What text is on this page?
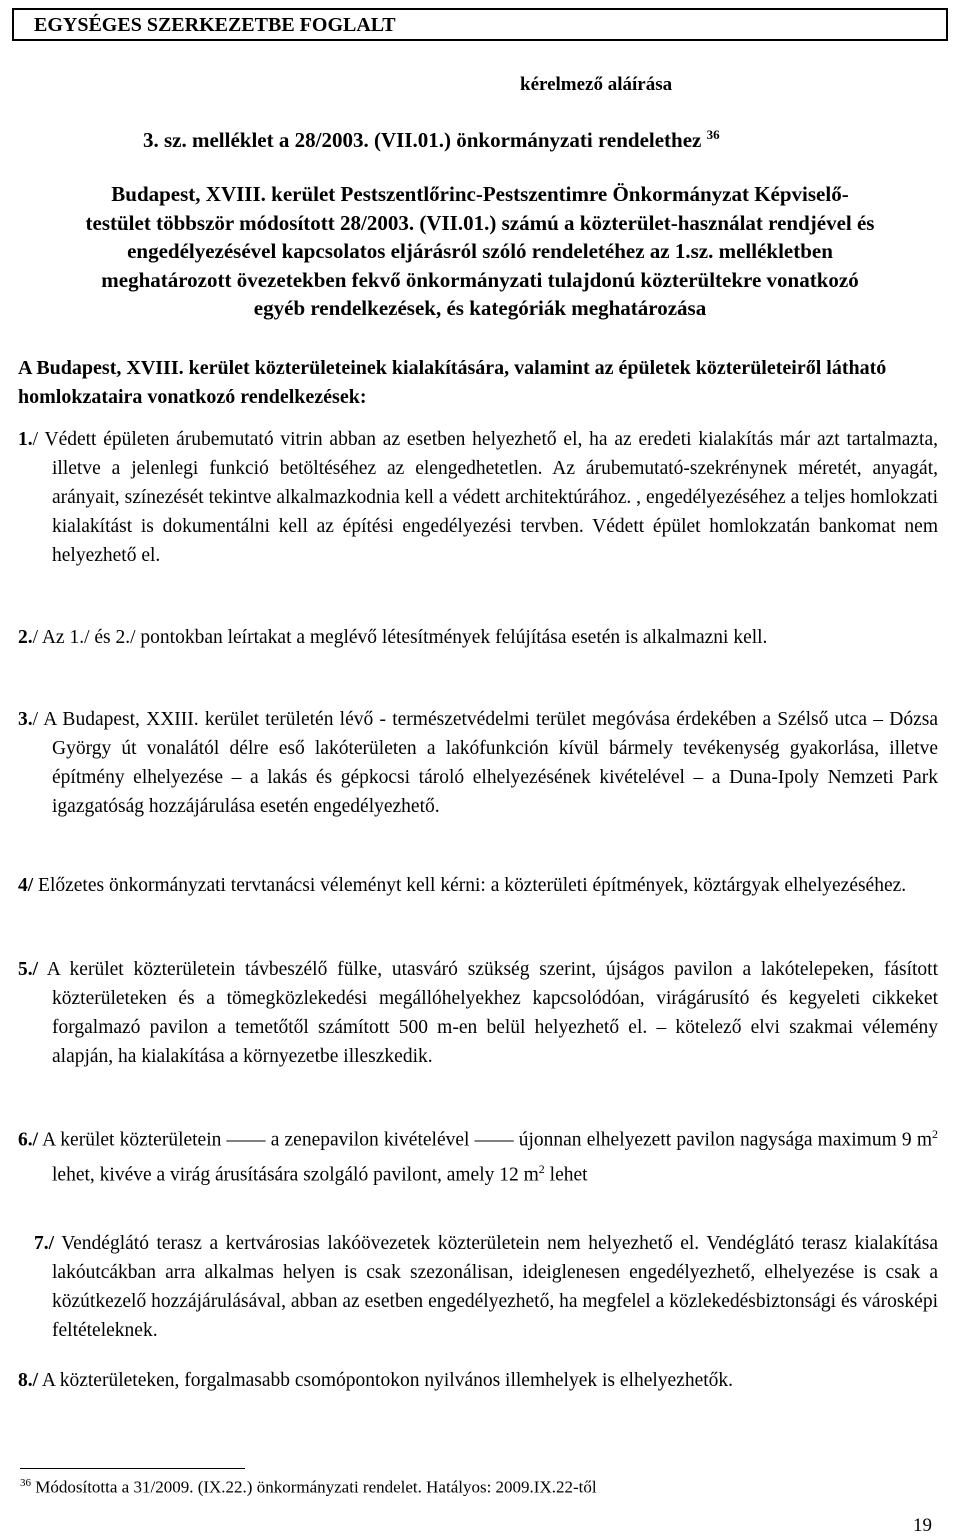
EGYSÉGES SZERKEZETBE FOGLALT
kérelmező aláírása
3. sz. melléklet a 28/2003. (VII.01.) önkormányzati rendelethez $^{36}$
Budapest, XVIII. kerület Pestszentlőrinc-Pestszentimre Önkormányzat Képviselő-testület többször módosított 28/2003. (VII.01.) számú a közterület-használat rendjével és engedélyezésével kapcsolatos eljárásról szóló rendeletéhez az 1.sz. mellékletben meghatározott övezetekben fekvő önkormányzati tulajdonú közterültekre vonatkozó egyéb rendelkezések, és kategóriák meghatározása
A Budapest, XVIII. kerület közterületeinek kialakítására, valamint az épületek közterületeiről látható homlokzataira vonatkozó rendelkezések:
1./ Védett épületen árubemutató vitrin abban az esetben helyezhető el, ha az eredeti kialakítás már azt tartalmazta, illetve a jelenlegi funkció betöltéséhez az elengedhetetlen. Az árubemutató-szekrénynek méretét, anyagát, arányait, színezését tekintve alkalmazkodnia kell a védett architektúrához. , engedélyezéséhez a teljes homlokzati kialakítást is dokumentálni kell az építési engedélyezési tervben. Védett épület homlokzatán bankomat nem helyezhető el.
2./ Az 1./ és 2./ pontokban leírtakat a meglévő létesítmények felújítása esetén is alkalmazni kell.
3./ A Budapest, XXIII. kerület területén lévő - természetvédelmi terület megóvása érdekében a Szélső utca – Dózsa György út vonalától délre eső lakóterületen a lakófunkción kívül bármely tevékenység gyakorlása, illetve építmény elhelyezése – a lakás és gépkocsi tároló elhelyezésének kivételével – a Duna-Ipoly Nemzeti Park igazgatóság hozzájárulása esetén engedélyezhető.
4/ Előzetes önkormányzati tervtanácsi véleményt kell kérni: a közterületi építmények, köztárgyak elhelyezéséhez.
5./ A kerület közterületein távbeszélő fülke, utasváró szükség szerint, újságos pavilon a lakótelepeken, fásított közterületeken és a tömegközlekedési megállóhelyekhez kapcsolódóan, virágárusító és kegyeleti cikkeket forgalmazó pavilon a temetőtől számított 500 m-en belül helyezhető el. – kötelező elvi szakmai vélemény alapján, ha kialakítása a környezetbe illeszkedik.
6./ A kerület közterületein —— a zenepavilon kivételével —— újonnan elhelyezett pavilon nagysága maximum 9 $m^2$ lehet, kivéve a virág árusítására szolgáló pavilont, amely 12 $m^2$ lehet
7./ Vendéglátó terasz a kertvárosias lakóövezetek közterületein nem helyezhető el. Vendéglátó terasz kialakítása lakóutcákban arra alkalmas helyen is csak szezonálisan, ideiglenesen engedélyezhető, elhelyezése is csak a közútkezelő hozzájárulásával, abban az esetben engedélyezhető, ha megfelel a közlekedésbiztonsági és városképi feltételeknek.
8./ A közterületeken, forgalmasabb csomópontokon nyilvános illemhelyek is elhelyezhetők.
$^{36}$ Módosította a 31/2009. (IX.22.) önkormányzati rendelet. Hatályos: 2009.IX.22-től
19
